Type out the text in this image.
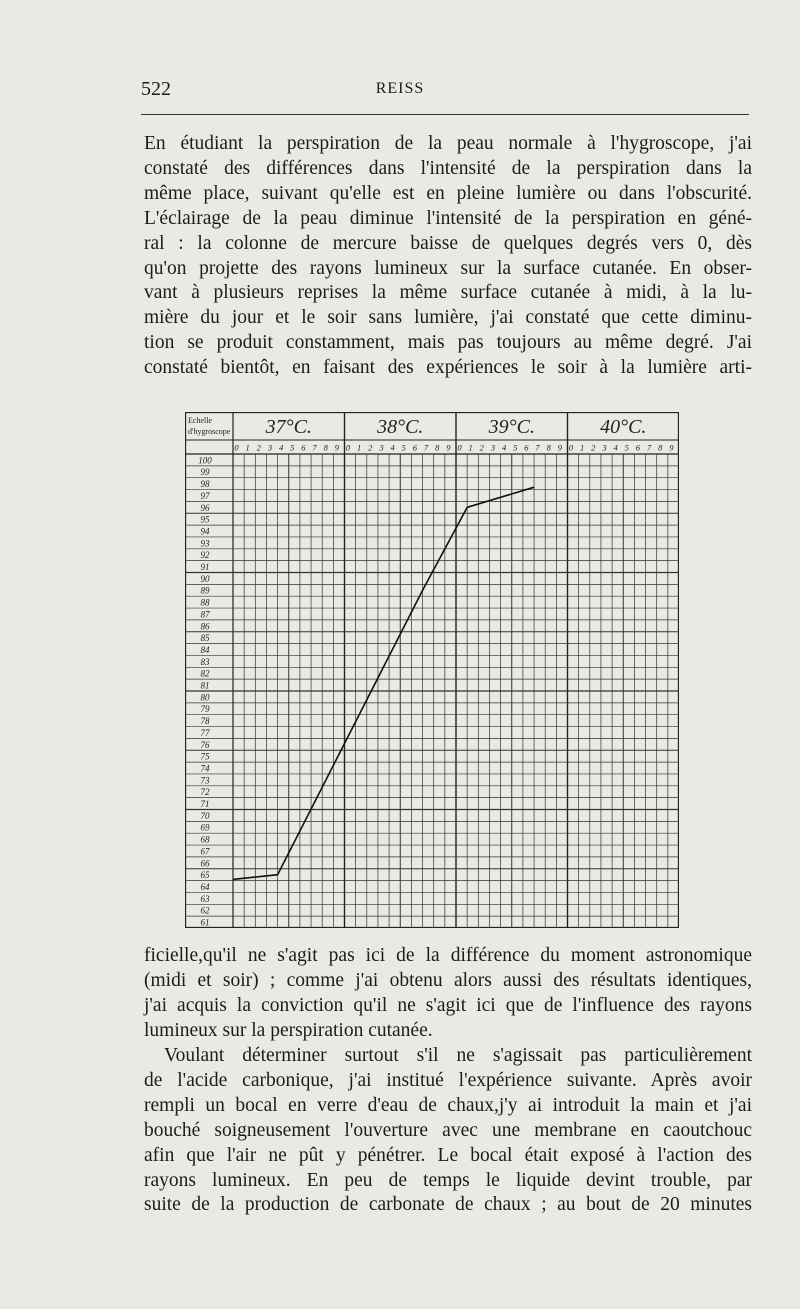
522	REISS

En étudiant la perspiration de la peau normale à l'hygroscope, j'ai
constaté des différences dans l'intensité de la perspiration dans la
même place, suivant qu'elle est en pleine lumière ou dans l'obscurité.
L'éclairage de la peau diminue l'intensité de la perspiration en géné-
ral : la colonne de mercure baisse de quelques degrés vers 0, dès
qu'on projette des rayons lumineux sur la surface cutanée. En obser-
vant à plusieurs reprises la même surface cutanée à midi, à la lu-
mière du jour et le soir sans lumière, j'ai constaté que cette diminu-
tion se produit constamment, mais pas toujours au même degré. J'ai
constaté bientôt, en faisant des expériences le soir à la lumière arti-

Echelle
d'hygroscope 37°C.
0 1 2 3 4 5 6 7 8 9
38°C.
0 1 2 3 4 5 6 7 8 9
39°C.
0 1 2 3 4 5 6 7 8 9
40°C.
0 1 2 3 4 5 6 7 8 9
100
99
98
97
96
95
94
93
92
91
90
89
88
87
86
85
84
83
82
81
80
79
78
77
76
75
74
73
72
71
70
69
68
67
66
65
64
63
62
61

ficielle,qu'il ne s'agit pas ici de la différence du moment astronomique
(midi et soir) ; comme j'ai obtenu alors aussi des résultats identiques,
j'ai acquis la conviction qu'il ne s'agit ici que de l'influence des rayons
lumineux sur la perspiration cutanée.

Voulant déterminer surtout s'il ne s'agissait pas particulièrement
de l'acide carbonique, j'ai institué l'expérience suivante. Après avoir
rempli un bocal en verre d'eau de chaux,j'y ai introduit la main et j'ai
bouché soigneusement l'ouverture avec une membrane en caoutchouc
afin que l'air ne pût y pénétrer. Le bocal était exposé à l'action des
rayons lumineux. En peu de temps le liquide devint trouble, par
suite de la production de carbonate de chaux ; au bout de 20 minutes
